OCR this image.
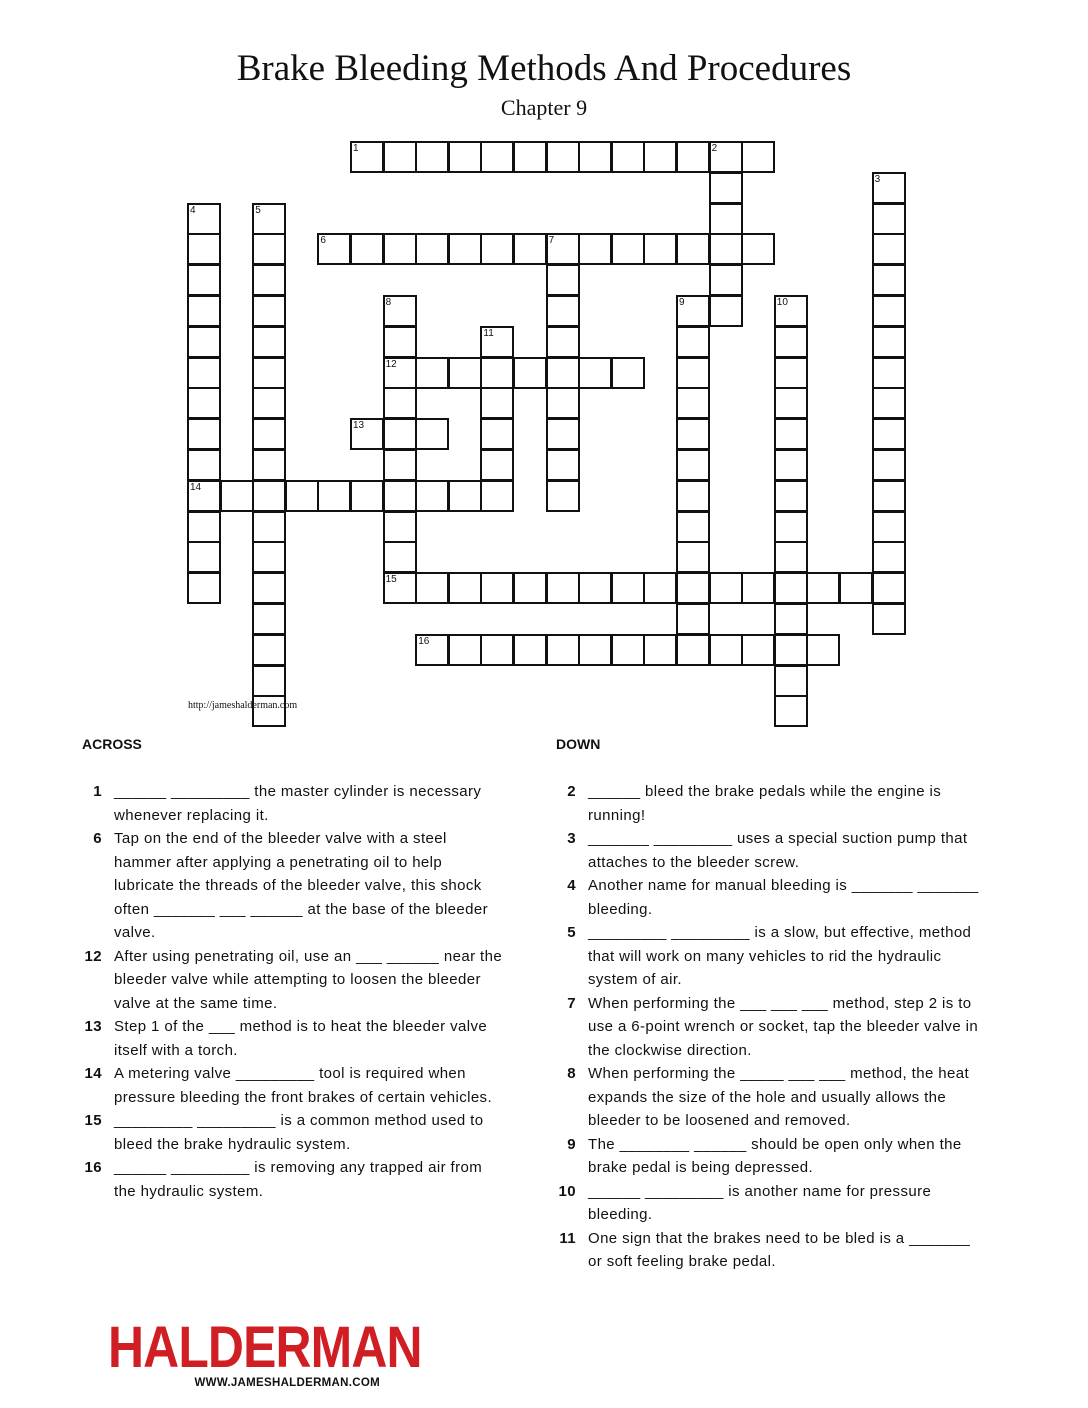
Brake Bleeding Methods And Procedures
Chapter 9
1	2
3
4
14
5
6	7
8
12
15
9	10
11
13
16
http://jameshalderman.com
ACROSS	DOWN
1 ______ _________ the master cylinder is necessary whenever replacing it.
6 Tap on the end of the bleeder valve with a steel hammer after applying a penetrating oil to help lubricate the threads of the bleeder valve, this shock often _______ ___ ______ at the base of the bleeder valve.
12 After using penetrating oil, use an ___ ______ near the bleeder valve while attempting to loosen the bleeder valve at the same time.
13 Step 1 of the ___ method is to heat the bleeder valve itself with a torch.
14 A metering valve _________ tool is required when pressure bleeding the front brakes of certain vehicles.
15 _________ _________ is a common method used to bleed the brake hydraulic system.
16 ______ _________ is removing any trapped air from the hydraulic system.
2 ______ bleed the brake pedals while the engine is running!
3 _______ _________ uses a special suction pump that attaches to the bleeder screw.
4 Another name for manual bleeding is _______ _______ bleeding.
5 _________ _________ is a slow, but effective, method that will work on many vehicles to rid the hydraulic system of air.
7 When performing the ___ ___ ___ method, step 2 is to use a 6-point wrench or socket, tap the bleeder valve in the clockwise direction.
8 When performing the _____ ___ ___ method, the heat expands the size of the hole and usually allows the bleeder to be loosened and removed.
9 The ________ ______ should be open only when the brake pedal is being depressed.
10 ______ _________ is another name for pressure bleeding.
11 One sign that the brakes need to be bled is a _______ or soft feeling brake pedal.
HALDERMAN
WWW.JAMESHALDERMAN.COM
